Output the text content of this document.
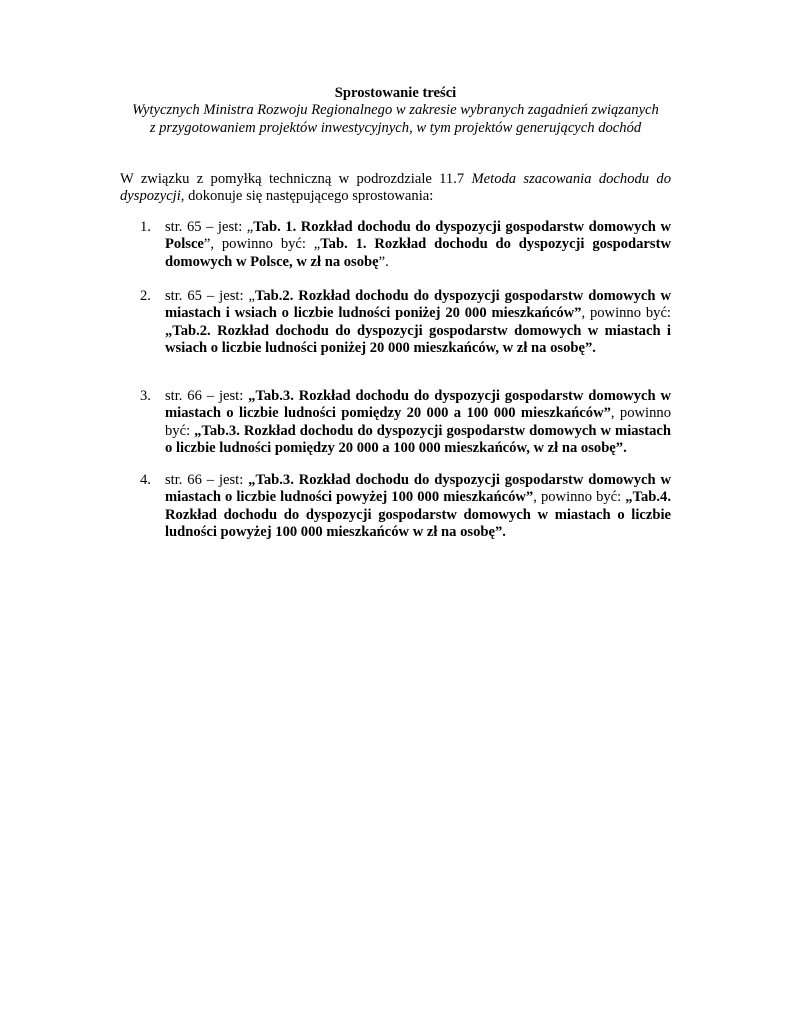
Sprostowanie treści
Wytycznych Ministra Rozwoju Regionalnego w zakresie wybranych zagadnień związanych
z przygotowaniem projektów inwestycyjnych, w tym projektów generujących dochód
W związku z pomyłką techniczną w podrozdziale 11.7 Metoda szacowania dochodu do dyspozycji, dokonuje się następującego sprostowania:
1. str. 65 – jest: „Tab. 1. Rozkład dochodu do dyspozycji gospodarstw domowych w Polsce”, powinno być: „Tab. 1. Rozkład dochodu do dyspozycji gospodarstw domowych w Polsce, w zł na osobę”.
2. str. 65 – jest: „Tab.2. Rozkład dochodu do dyspozycji gospodarstw domowych w miastach i wsiach o liczbie ludności poniżej 20 000 mieszkańców”, powinno być: „Tab.2. Rozkład dochodu do dyspozycji gospodarstw domowych w miastach i wsiach o liczbie ludności poniżej 20 000 mieszkańców, w zł na osobę”.
3. str. 66 – jest: „Tab.3. Rozkład dochodu do dyspozycji gospodarstw domowych w miastach o liczbie ludności pomiędzy 20 000 a 100 000 mieszkańców”, powinno być: „Tab.3. Rozkład dochodu do dyspozycji gospodarstw domowych w miastach o liczbie ludności pomiędzy 20 000 a 100 000 mieszkańców, w zł na osobę”.
4. str. 66 – jest: „Tab.3. Rozkład dochodu do dyspozycji gospodarstw domowych w miastach o liczbie ludności powyżej 100 000 mieszkańców”, powinno być: „Tab.4. Rozkład dochodu do dyspozycji gospodarstw domowych w miastach o liczbie ludności powyżej 100 000 mieszkańców w zł na osobę”.
